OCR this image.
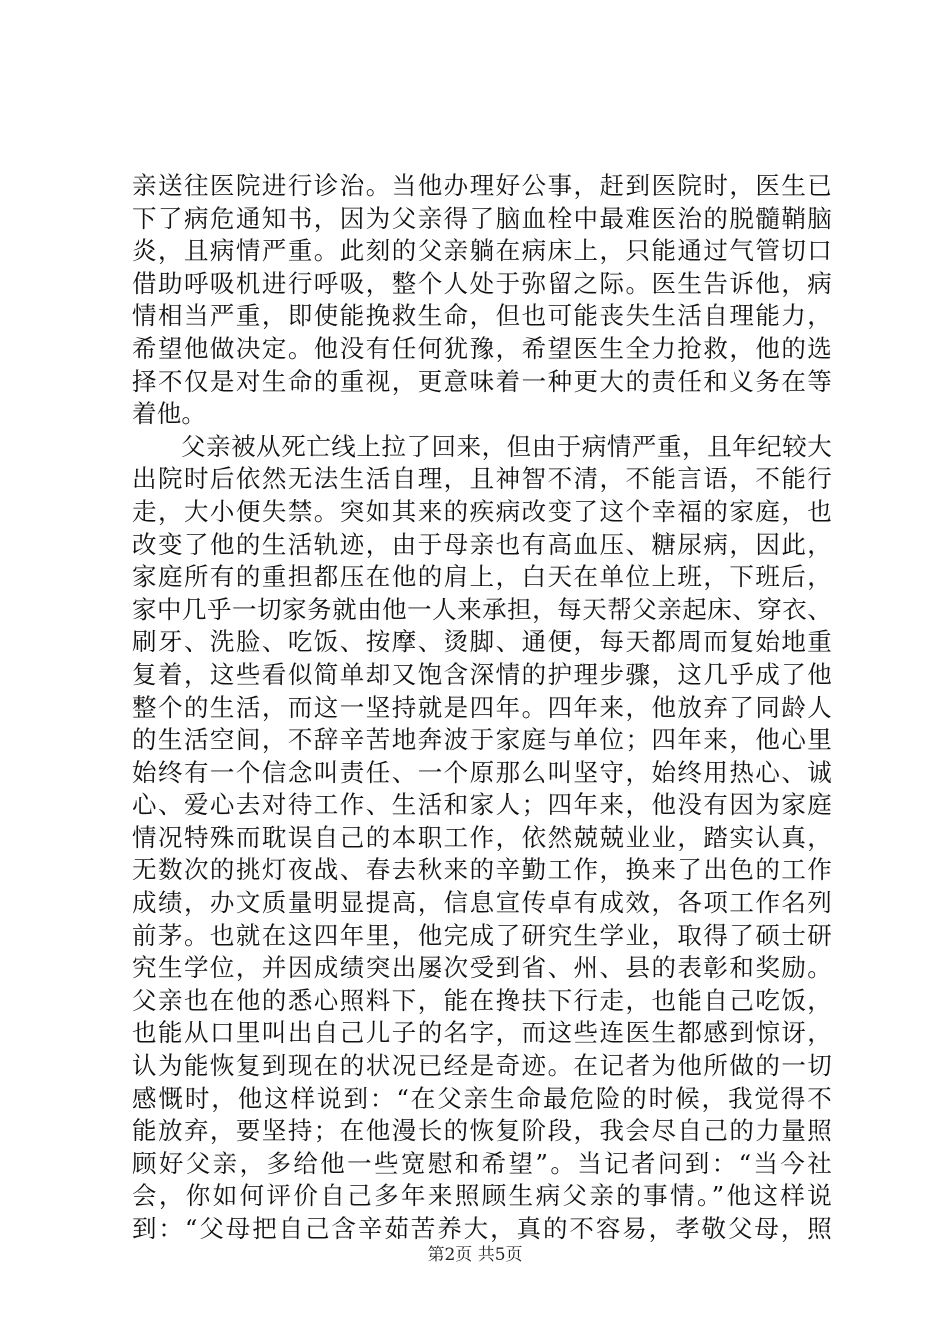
亲送往医院进行诊治。当他办理好公事，赶到医院时，医生已
下了病危通知书，因为父亲得了脑血栓中最难医治的脱髓鞘脑
炎，且病情严重。此刻的父亲躺在病床上，只能通过气管切口
借助呼吸机进行呼吸，整个人处于弥留之际。医生告诉他，病
情相当严重，即使能挽救生命，但也可能丧失生活自理能力，
希望他做决定。他没有任何犹豫，希望医生全力抢救，他的选
择不仅是对生命的重视，更意味着一种更大的责任和义务在等
着他。
父亲被从死亡线上拉了回来，但由于病情严重，且年纪较大
出院时后依然无法生活自理，且神智不清，不能言语，不能行
走，大小便失禁。突如其来的疾病改变了这个幸福的家庭，也
改变了他的生活轨迹，由于母亲也有高血压、糖尿病，因此，
家庭所有的重担都压在他的肩上，白天在单位上班，下班后，
家中几乎一切家务就由他一人来承担，每天帮父亲起床、穿衣、
刷牙、洗脸、吃饭、按摩、烫脚、通便，每天都周而复始地重
复着，这些看似简单却又饱含深情的护理步骤，这几乎成了他
整个的生活，而这一坚持就是四年。四年来，他放弃了同龄人
的生活空间，不辞辛苦地奔波于家庭与单位；四年来，他心里
始终有一个信念叫责任、一个原那么叫坚守，始终用热心、诚
心、爱心去对待工作、生活和家人；四年来，他没有因为家庭
情况特殊而耽误自己的本职工作，依然兢兢业业，踏实认真，
无数次的挑灯夜战、春去秋来的辛勤工作，换来了出色的工作
成绩，办文质量明显提高，信息宣传卓有成效，各项工作名列
前茅。也就在这四年里，他完成了研究生学业，取得了硕士研
究生学位，并因成绩突出屡次受到省、州、县的表彰和奖励。
父亲也在他的悉心照料下，能在搀扶下行走，也能自己吃饭，
也能从口里叫出自己儿子的名字，而这些连医生都感到惊讶，
认为能恢复到现在的状况已经是奇迹。在记者为他所做的一切
感慨时，他这样说到：“在父亲生命最危险的时候，我觉得不
能放弃，要坚持；在他漫长的恢复阶段，我会尽自己的力量照
顾好父亲，多给他一些宽慰和希望”。当记者问到：“当今社
会，你如何评价自己多年来照顾生病父亲的事情。”他这样说
到：“父母把自己含辛茹苦养大，真的不容易，孝敬父母，照
第2页 共5页
